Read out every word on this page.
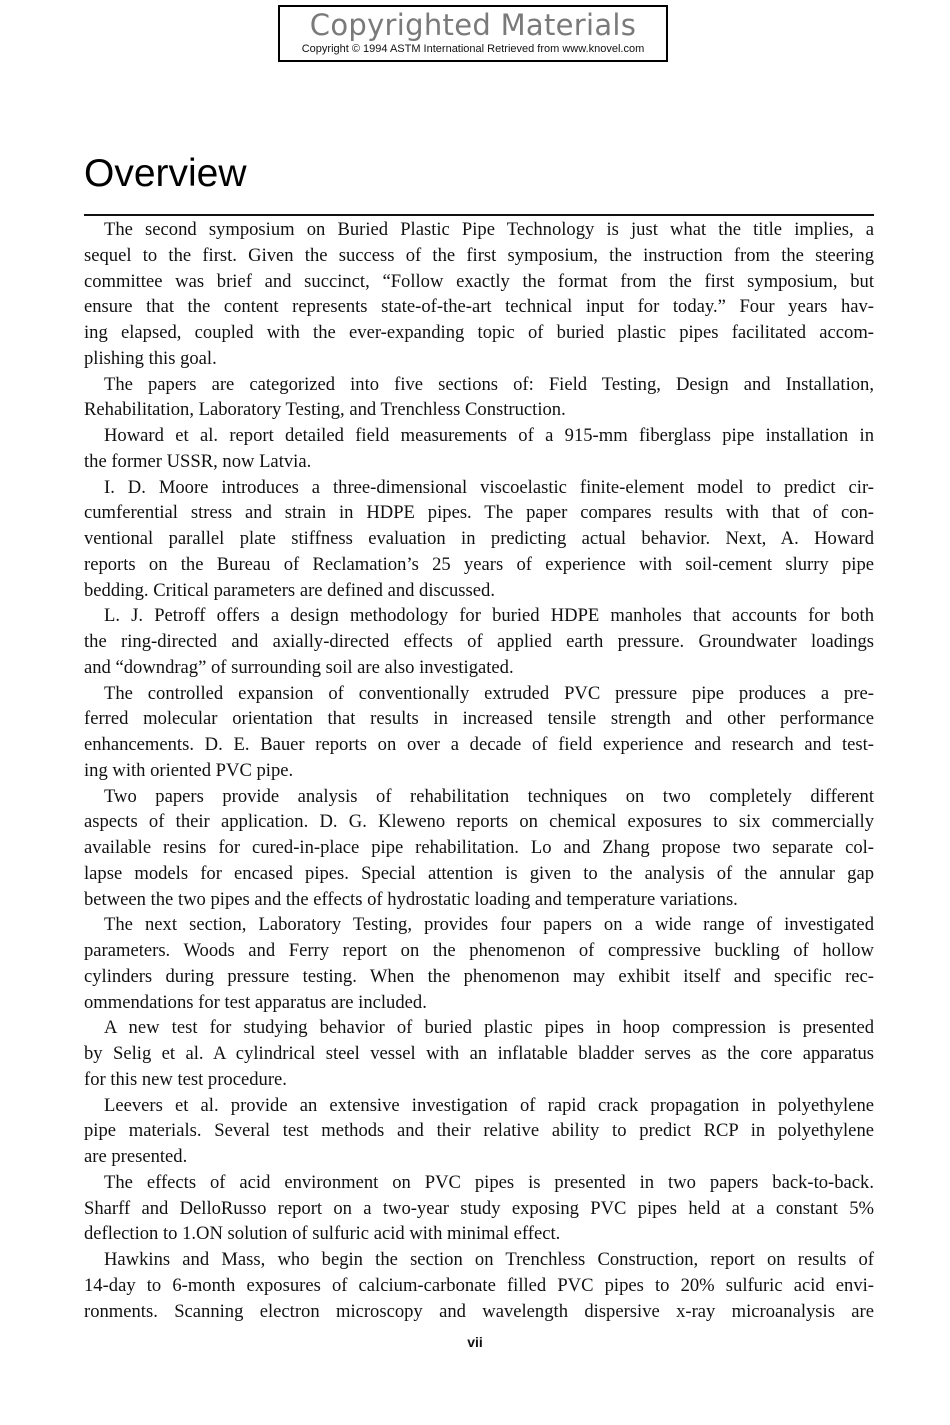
Copyrighted Materials
Copyright © 1994 ASTM International Retrieved from www.knovel.com
Overview
The second symposium on Buried Plastic Pipe Technology is just what the title implies, a
sequel to the first. Given the success of the first symposium, the instruction from the steering
committee was brief and succinct, “Follow exactly the format from the first symposium, but
ensure that the content represents state-of-the-art technical input for today.” Four years hav-
ing elapsed, coupled with the ever-expanding topic of buried plastic pipes facilitated accom-
plishing this goal.
The papers are categorized into five sections of: Field Testing, Design and Installation,
Rehabilitation, Laboratory Testing, and Trenchless Construction.
Howard et al. report detailed field measurements of a 915-mm fiberglass pipe installation in
the former USSR, now Latvia.
I. D. Moore introduces a three-dimensional viscoelastic finite-element model to predict cir-
cumferential stress and strain in HDPE pipes. The paper compares results with that of con-
ventional parallel plate stiffness evaluation in predicting actual behavior. Next, A. Howard
reports on the Bureau of Reclamation’s 25 years of experience with soil-cement slurry pipe
bedding. Critical parameters are defined and discussed.
L. J. Petroff offers a design methodology for buried HDPE manholes that accounts for both
the ring-directed and axially-directed effects of applied earth pressure. Groundwater loadings
and “downdrag” of surrounding soil are also investigated.
The controlled expansion of conventionally extruded PVC pressure pipe produces a pre-
ferred molecular orientation that results in increased tensile strength and other performance
enhancements. D. E. Bauer reports on over a decade of field experience and research and test-
ing with oriented PVC pipe.
Two papers provide analysis of rehabilitation techniques on two completely different
aspects of their application. D. G. Kleweno reports on chemical exposures to six commercially
available resins for cured-in-place pipe rehabilitation. Lo and Zhang propose two separate col-
lapse models for encased pipes. Special attention is given to the analysis of the annular gap
between the two pipes and the effects of hydrostatic loading and temperature variations.
The next section, Laboratory Testing, provides four papers on a wide range of investigated
parameters. Woods and Ferry report on the phenomenon of compressive buckling of hollow
cylinders during pressure testing. When the phenomenon may exhibit itself and specific rec-
ommendations for test apparatus are included.
A new test for studying behavior of buried plastic pipes in hoop compression is presented
by Selig et al. A cylindrical steel vessel with an inflatable bladder serves as the core apparatus
for this new test procedure.
Leevers et al. provide an extensive investigation of rapid crack propagation in polyethylene
pipe materials. Several test methods and their relative ability to predict RCP in polyethylene
are presented.
The effects of acid environment on PVC pipes is presented in two papers back-to-back.
Sharff and DelloRusso report on a two-year study exposing PVC pipes held at a constant 5%
deflection to 1.ON solution of sulfuric acid with minimal effect.
Hawkins and Mass, who begin the section on Trenchless Construction, report on results of
14-day to 6-month exposures of calcium-carbonate filled PVC pipes to 20% sulfuric acid envi-
ronments. Scanning electron microscopy and wavelength dispersive x-ray microanalysis are
vii
